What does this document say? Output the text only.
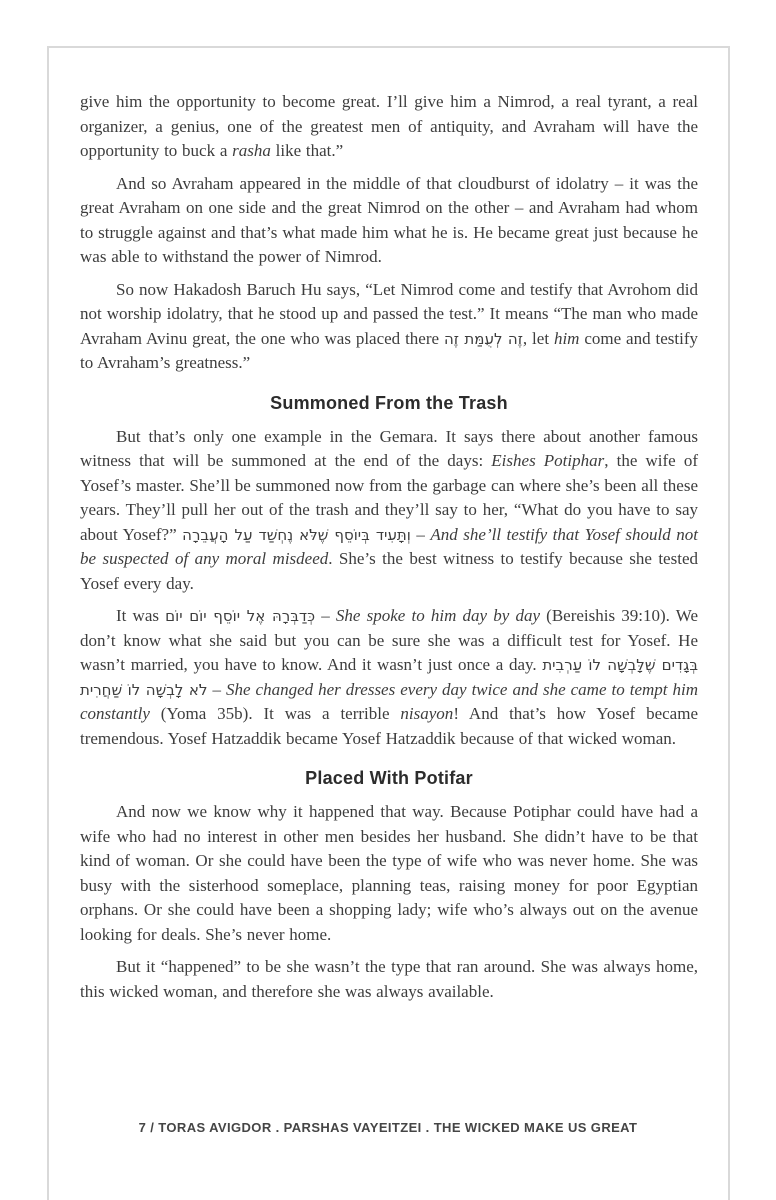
give him the opportunity to become great. I’ll give him a Nimrod, a real tyrant, a real organizer, a genius, one of the greatest men of antiquity, and Avraham will have the opportunity to buck a rasha like that.”

And so Avraham appeared in the middle of that cloudburst of idolatry – it was the great Avraham on one side and the great Nimrod on the other – and Avraham had whom to struggle against and that’s what made him what he is. He became great just because he was able to withstand the power of Nimrod.

So now Hakadosh Baruch Hu says, “Let Nimrod come and testify that Avrohom did not worship idolatry, that he stood up and passed the test.” It means “The man who made Avraham Avinu great, the one who was placed there זֶה לְעֻמַּת זֶה, let him come and testify to Avraham’s greatness.”

Summoned From the Trash

But that’s only one example in the Gemara. It says there about another famous witness that will be summoned at the end of the days: Eishes Potiphar, the wife of Yosef’s master. She’ll be summoned now from the garbage can where she’s been all these years. They’ll pull her out of the trash and they’ll say to her, “What do you have to say about Yosef?” וְתָּעִיד בְּיוֹסֵף שֶׁלֹּא נֶחְשַׁד עַל הָעֲבֵרָה – And she’ll testify that Yosef should not be suspected of any moral misdeed. She’s the best witness to testify because she tested Yosef every day.

It was כְּדַבְּרָהּ אֶל יוֹסֵף יוֹם יוֹם – She spoke to him day by day (Bereishis 39:10). We don’t know what she said but you can be sure she was a difficult test for Yosef. He wasn’t married, you have to know. And it wasn’t just once a day. בְּגָדִים שֶׁלָּבְשָׁה לוֹ עַרְבִית לֹא לָבְשָׁה לוֹ שַׁחֲרִית – She changed her dresses every day twice and she came to tempt him constantly (Yoma 35b). It was a terrible nisayon! And that’s how Yosef became tremendous. Yosef Hatzaddik became Yosef Hatzaddik because of that wicked woman.

Placed With Potifar

And now we know why it happened that way. Because Potiphar could have had a wife who had no interest in other men besides her husband. She didn’t have to be that kind of woman. Or she could have been the type of wife who was never home. She was busy with the sisterhood someplace, planning teas, raising money for poor Egyptian orphans. Or she could have been a shopping lady; wife who’s always out on the avenue looking for deals. She’s never home.

But it “happened” to be she wasn’t the type that ran around. She was always home, this wicked woman, and therefore she was always available.

7 / TORAS AVIGDOR . PARSHAS VAYEITZEI . THE WICKED MAKE US GREAT
